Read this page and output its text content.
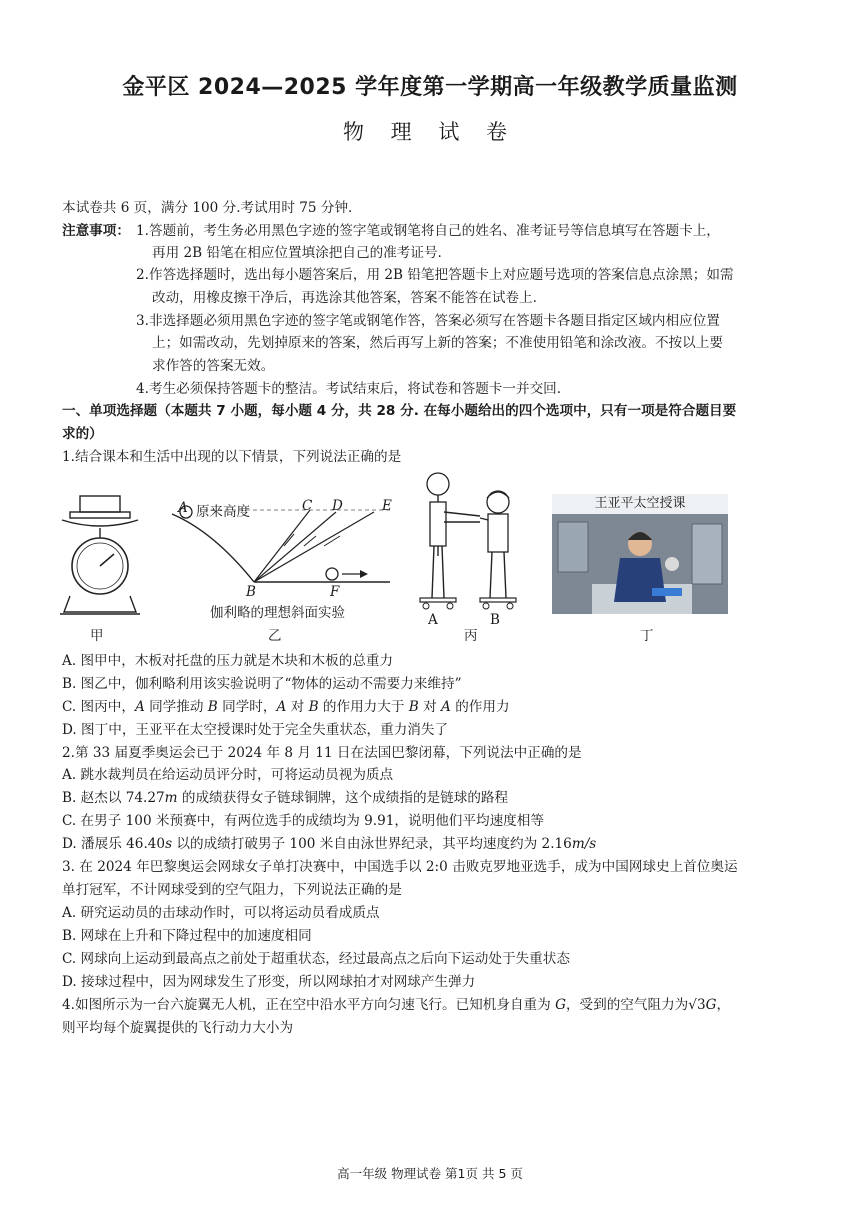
金平区 2024—2025 学年度第一学期高一年级教学质量监测
物 理 试 卷
本试卷共 6 页，满分 100 分.考试用时 75 分钟.
注意事项： 1.答题前，考生务必用黑色字迹的签字笔或钢笔将自己的姓名、准考证号等信息填写在答题卡上，
再用 2B 铅笔在相应位置填涂把自己的准考证号.
2.作答选择题时，选出每小题答案后，用 2B 铅笔把答题卡上对应题号选项的答案信息点涂黑；如需
改动，用橡皮擦干净后，再选涂其他答案，答案不能答在试卷上.
3.非选择题必须用黑色字迹的签字笔或钢笔作答，答案必须写在答题卡各题目指定区域内相应位置
上；如需改动，先划掉原来的答案，然后再写上新的答案；不准使用铅笔和涂改液。不按以上要
求作答的答案无效。
4.考生必须保持答题卡的整洁。考试结束后，将试卷和答题卡一并交回.
一、单项选择题（本题共 7 小题，每小题 4 分，共 28 分. 在每小题给出的四个选项中，只有一项是符合题目要
求的）
1.结合课本和生活中出现的以下情景，下列说法正确的是
甲
A 原来高度	C D	E
B	F
伽利略的理想斜面实验
乙
A	B
丙
王亚平太空授课
丁
A. 图甲中，木板对托盘的压力就是木块和木板的总重力
B. 图乙中，伽利略利用该实验说明了“物体的运动不需要力来维持”
C. 图丙中，A 同学推动 B 同学时，A 对 B 的作用力大于 B 对 A 的作用力
D. 图丁中，王亚平在太空授课时处于完全失重状态，重力消失了
2.第 33 届夏季奥运会已于 2024 年 8 月 11 日在法国巴黎闭幕，下列说法中正确的是
A. 跳水裁判员在给运动员评分时，可将运动员视为质点
B. 赵杰以 74.27m 的成绩获得女子链球铜牌，这个成绩指的是链球的路程
C. 在男子 100 米预赛中，有两位选手的成绩均为 9.91，说明他们平均速度相等
D. 潘展乐 46.40s 以的成绩打破男子 100 米自由泳世界纪录，其平均速度约为 2.16m/s
3. 在 2024 年巴黎奥运会网球女子单打决赛中，中国选手以 2:0 击败克罗地亚选手，成为中国网球史上首位奥运
单打冠军，不计网球受到的空气阻力，下列说法正确的是
A. 研究运动员的击球动作时，可以将运动员看成质点
B. 网球在上升和下降过程中的加速度相同
C. 网球向上运动到最高点之前处于超重状态，经过最高点之后向下运动处于失重状态
D. 接球过程中，因为网球发生了形变，所以网球拍才对网球产生弹力
4.如图所示为一台六旋翼无人机，正在空中沿水平方向匀速飞行。已知机身自重为 G，受到的空气阻力为√3G，
则平均每个旋翼提供的飞行动力大小为
高一年级 物理试卷 第1页 共 5 页
